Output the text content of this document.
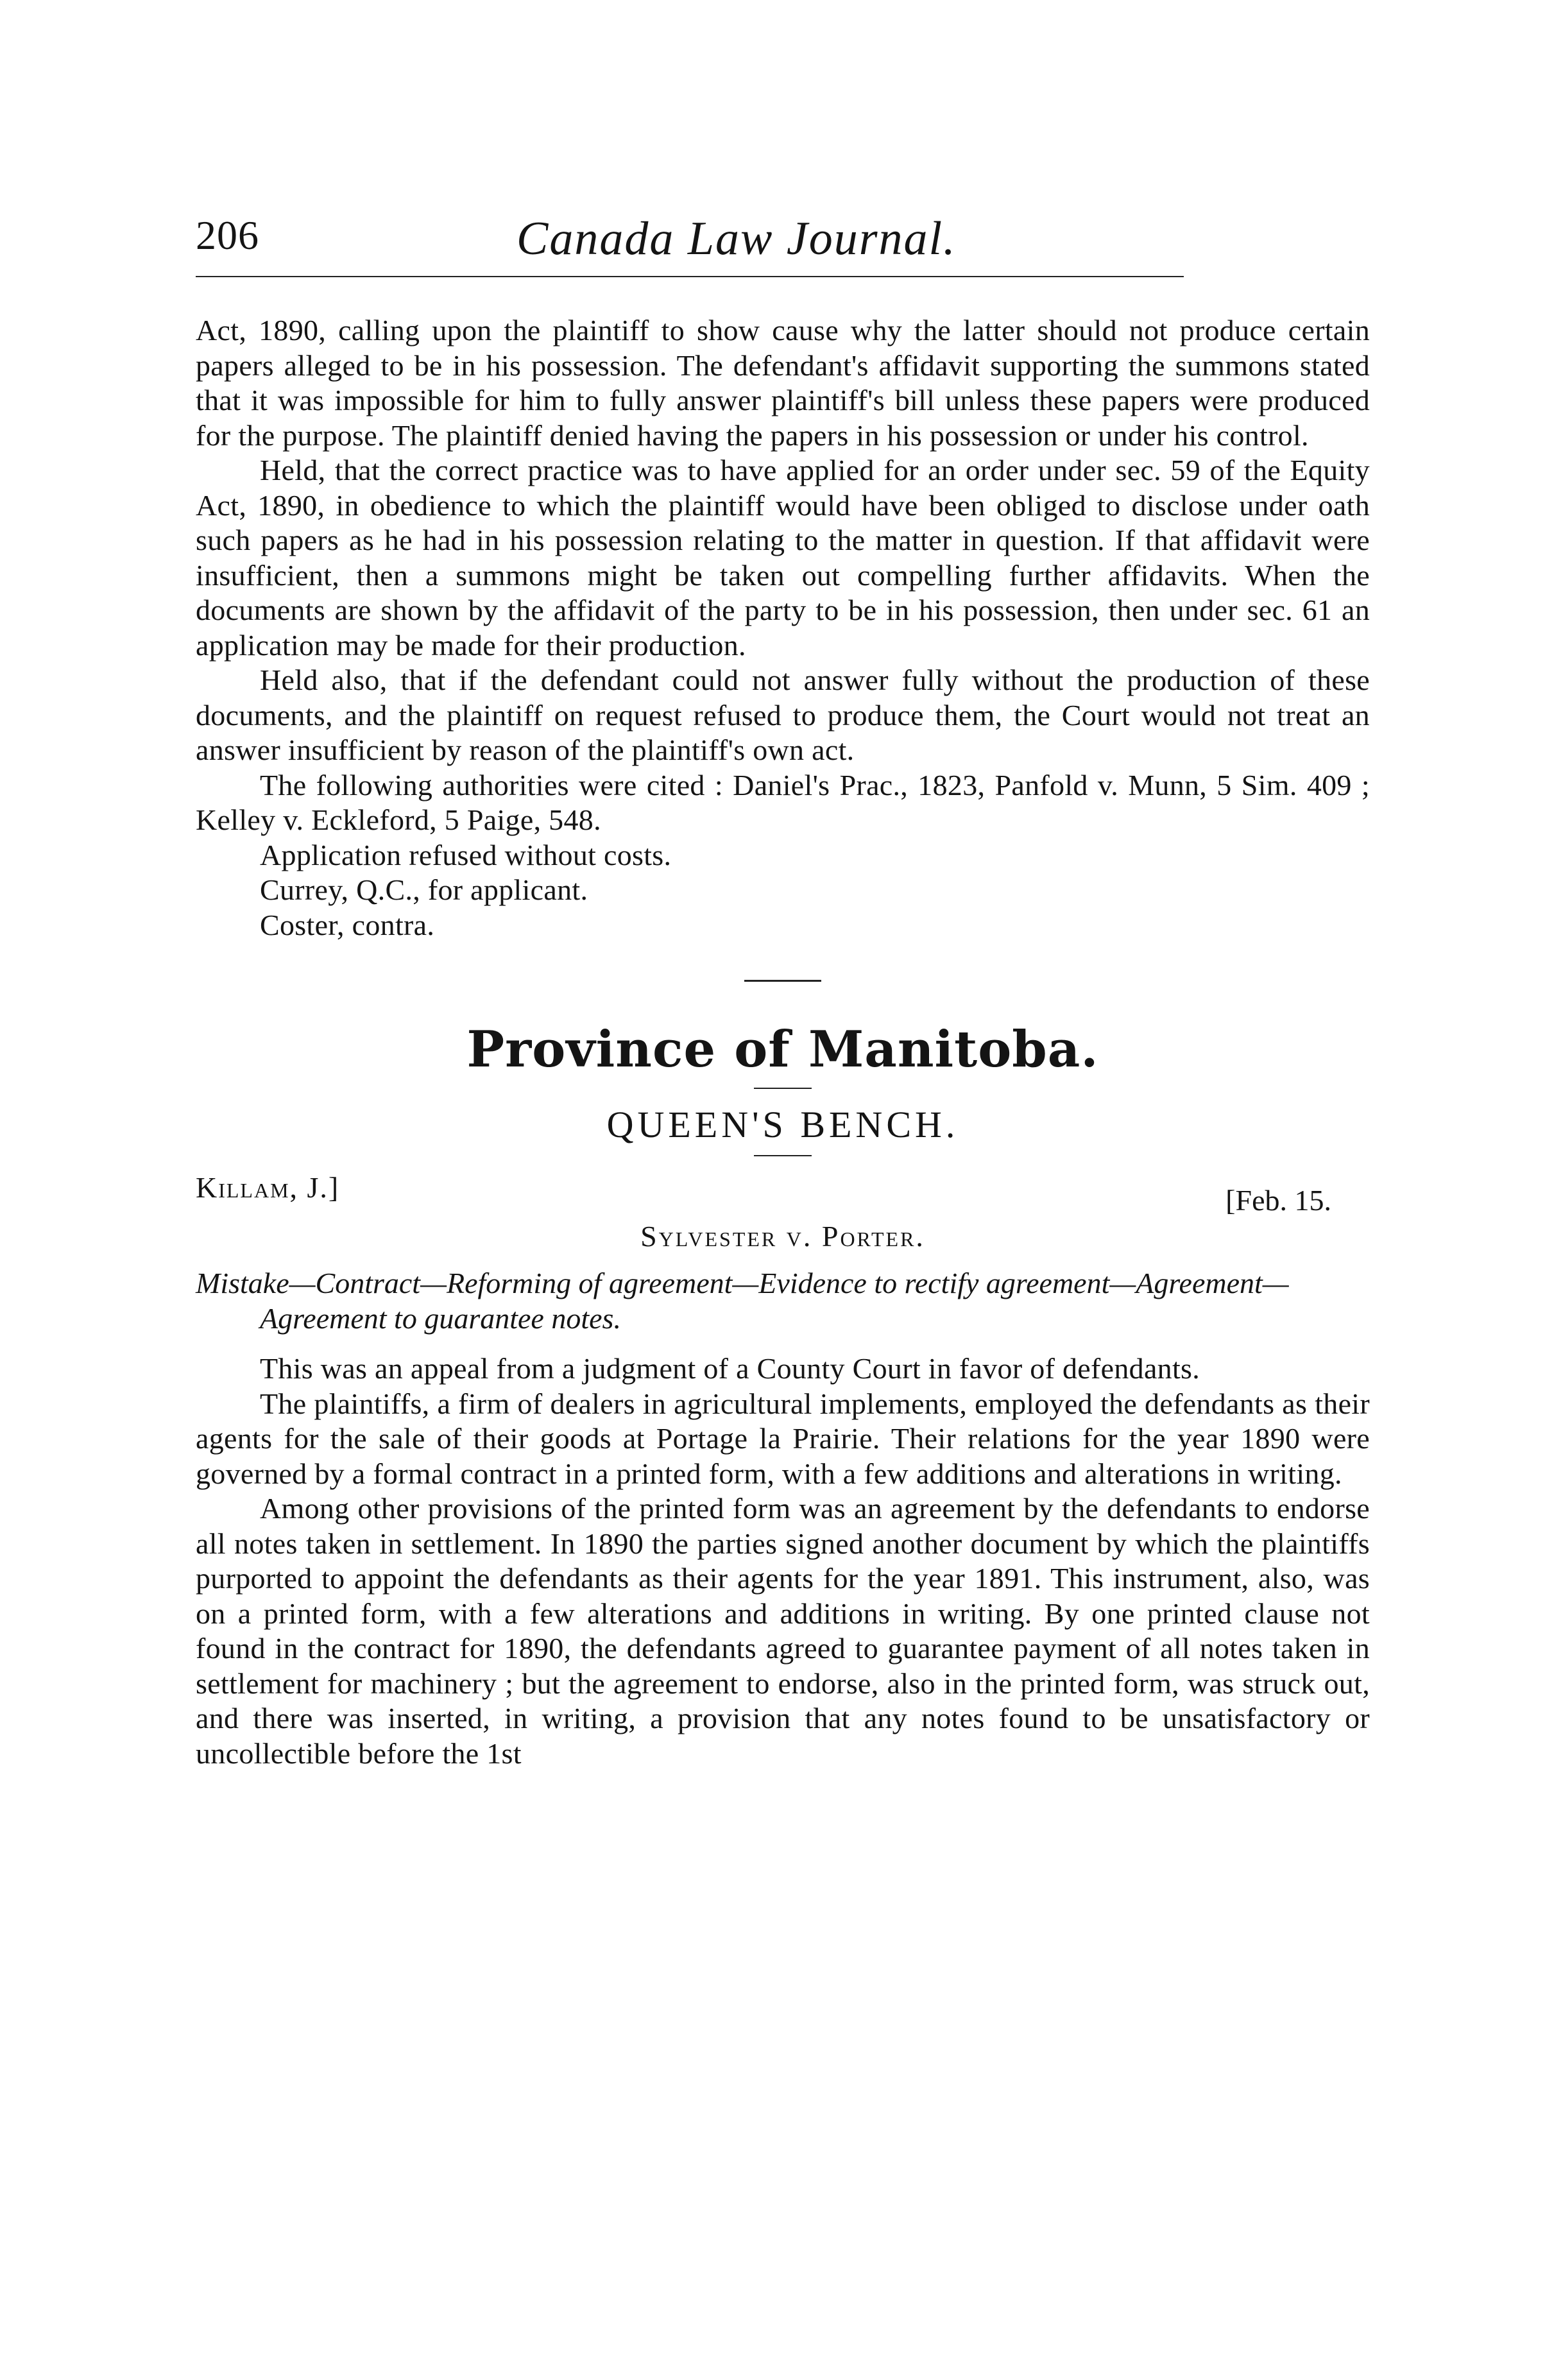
206	Canada Law Journal.

Act, 1890, calling upon the plaintiff to show cause why the latter should not produce certain papers alleged to be in his possession. The defendant's affidavit supporting the summons stated that it was impossible for him to fully answer plaintiff's bill unless these papers were produced for the purpose. The plaintiff denied having the papers in his possession or under his control.

Held, that the correct practice was to have applied for an order under sec. 59 of the Equity Act, 1890, in obedience to which the plaintiff would have been obliged to disclose under oath such papers as he had in his possession relating to the matter in question. If that affidavit were insufficient, then a summons might be taken out compelling further affidavits. When the documents are shown by the affidavit of the party to be in his possession, then under sec. 61 an application may be made for their production.

Held also, that if the defendant could not answer fully without the production of these documents, and the plaintiff on request refused to produce them, the Court would not treat an answer insufficient by reason of the plaintiff's own act.

The following authorities were cited : Daniel's Prac., 1823, Panfold v. Munn, 5 Sim. 409 ; Kelley v. Eckleford, 5 Paige, 548.

Application refused without costs.

Currey, Q.C., for applicant.

Coster, contra.

Province of Manitoba.
QUEEN'S BENCH.
Killam, J.]	[Feb. 15.
Sylvester v. Porter.
Mistake—Contract—Reforming of agreement—Evidence to rectify agreement—Agreement—Agreement to guarantee notes.

This was an appeal from a judgment of a County Court in favor of defendants.

The plaintiffs, a firm of dealers in agricultural implements, employed the defendants as their agents for the sale of their goods at Portage la Prairie. Their relations for the year 1890 were governed by a formal contract in a printed form, with a few additions and alterations in writing.

Among other provisions of the printed form was an agreement by the defendants to endorse all notes taken in settlement. In 1890 the parties signed another document by which the plaintiffs purported to appoint the defendants as their agents for the year 1891. This instrument, also, was on a printed form, with a few alterations and additions in writing. By one printed clause not found in the contract for 1890, the defendants agreed to guarantee payment of all notes taken in settlement for machinery ; but the agreement to endorse, also in the printed form, was struck out, and there was inserted, in writing, a provision that any notes found to be unsatisfactory or uncollectible before the 1st
